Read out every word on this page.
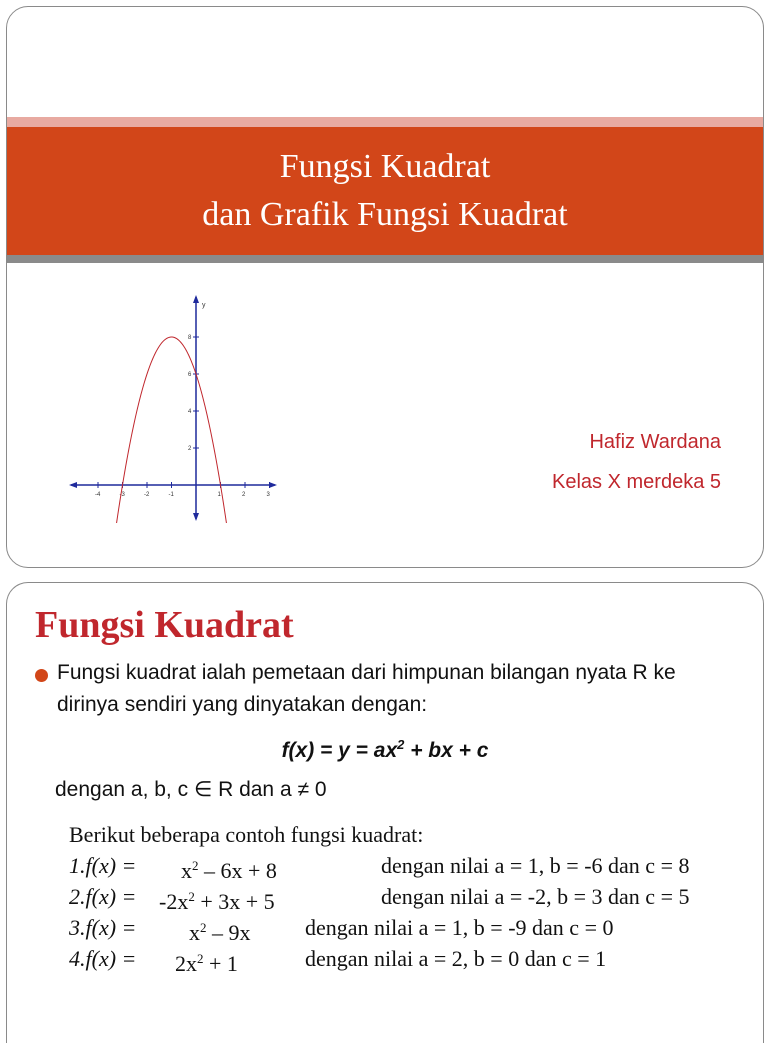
Fungsi Kuadrat
dan Grafik Fungsi Kuadrat
y
-4	-3	-2	-1	1	2	3
2
4
6
8
Hafiz Wardana
Kelas X merdeka 5
Fungsi Kuadrat
Fungsi kuadrat ialah pemetaan dari himpunan bilangan nyata R ke dirinya sendiri yang dinyatakan dengan:
$f(x) = y = ax^2$ + bx + c
dengan a, b, c ∈ R dan a ≠ 0
Berikut beberapa contoh fungsi kuadrat:
$1.f(x) = x^2 - 6x + 8$	dengan nilai a = 1, b = -6 dan c = 8
$2.f(x) = -2x^2 + 3x + 5$	dengan nilai a = -2, b = 3 dan c = 5
$3.f(x) = x^2 - 9x$ dengan nilai a = 1, b = -9 dan c = 0
$4.f(x) = 2x^2 + 1$	dengan nilai a = 2, b = 0 dan c = 1
